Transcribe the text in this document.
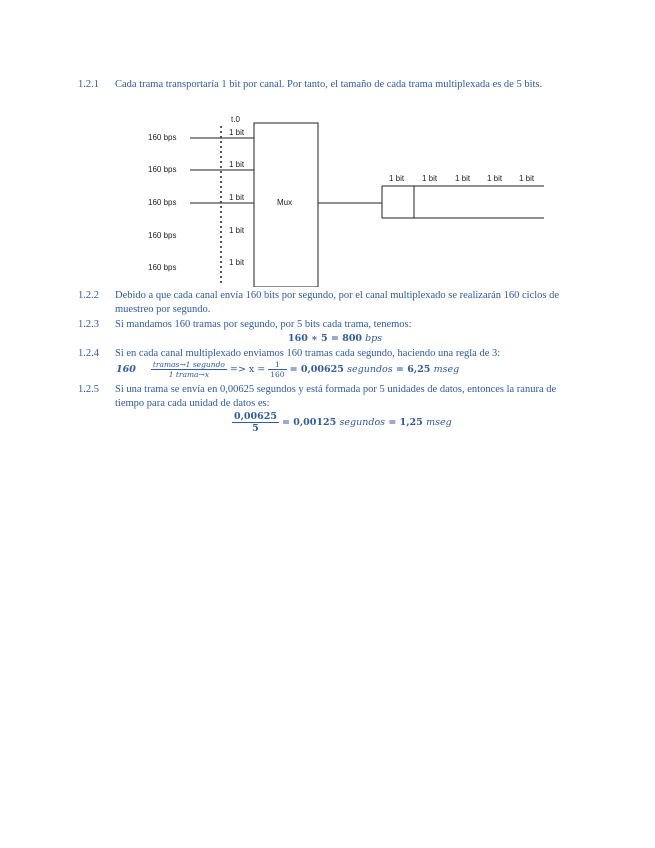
1.2.1	Cada trama transportaría 1 bit por canal. Por tanto, el tamaño de cada trama multiplexada es de 5 bits.
t.0
Mux
160 bps
1 bit
160 bps
1 bit
160 bps
1 bit
160 bps
1 bit
160 bps
1 bit
1 bit 1 bit 1 bit 1 bit 1 bit
1.2.2	Debido a que cada canal envía 160 bits por segundo, por el canal multiplexado se realizarán 160 ciclos de muestreo por segundo.
1.2.3	Si mandamos 160 tramas por segundo, por 5 bits cada trama, tenemos:
160 ∗ 5 = 800 bps
1.2.4	Si en cada canal multiplexado enviamos 160 tramas cada segundo, haciendo una regla de 3:
$160 \frac{\text{tramas→1 segundo}}{\text{1 trama→x}} => x = \frac{1}{160} = 0,00625$ segundos = 6,25 mseg
1.2.5	Si una trama se envía en 0,00625 segundos y está formada por 5 unidades de datos, entonces la ranura de tiempo para cada unidad de datos es:
$\frac{0,00625}{5} = 0,00125$ segundos = 1,25 mseg
